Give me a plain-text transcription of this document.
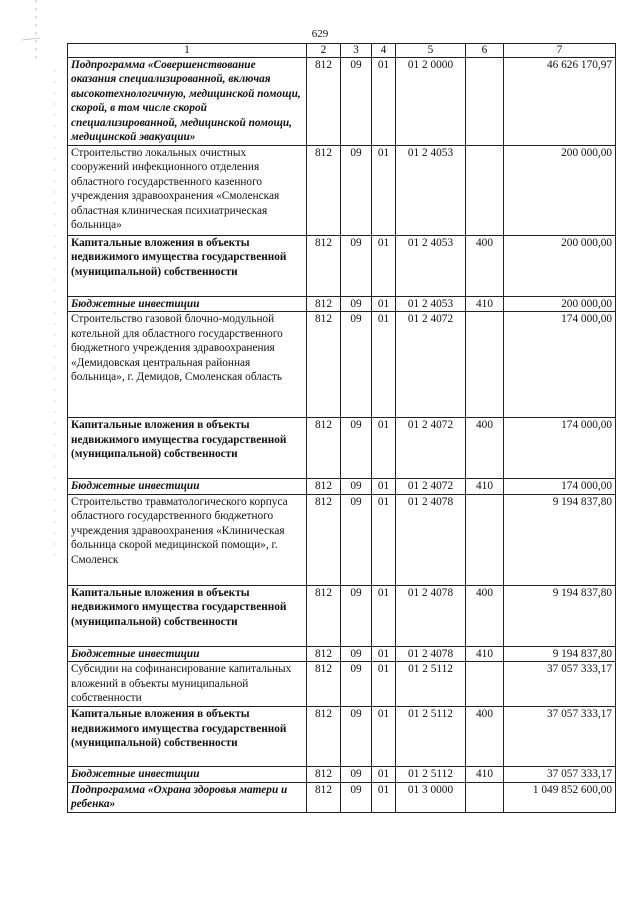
629
1	2	3	4	5	6	7
Подпрограмма «Совершенствование оказания специализированной, включая высокотехнологичную, медицинской помощи, скорой, в том числе скорой специализированной, медицинской помощи, медицинской эвакуации»	812	09	01	01 2 0000		46 626 170,97
Строительство локальных очистных сооружений инфекционного отделения областного государственного казенного учреждения здравоохранения «Смоленская областная клиническая психиатрическая больница»	812	09	01	01 2 4053		200 000,00
Капитальные вложения в объекты недвижимого имущества государственной (муниципальной) собственности	812	09	01	01 2 4053	400	200 000,00
Бюджетные инвестиции	812	09	01	01 2 4053	410	200 000,00
Строительство газовой блочно-модульной котельной для областного государственного бюджетного учреждения здравоохранения «Демидовская центральная районная больница», г. Демидов, Смоленская область	812	09	01	01 2 4072		174 000,00
Капитальные вложения в объекты недвижимого имущества государственной (муниципальной) собственности	812	09	01	01 2 4072	400	174 000,00
Бюджетные инвестиции	812	09	01	01 2 4072	410	174 000,00
Строительство травматологического корпуса областного государственного бюджетного учреждения здравоохранения «Клиническая больница скорой медицинской помощи», г. Смоленск	812	09	01	01 2 4078		9 194 837,80
Капитальные вложения в объекты недвижимого имущества государственной (муниципальной) собственности	812	09	01	01 2 4078	400	9 194 837,80
Бюджетные инвестиции	812	09	01	01 2 4078	410	9 194 837,80
Субсидии на софинансирование капитальных вложений в объекты муниципальной собственности	812	09	01	01 2 5112		37 057 333,17
Капитальные вложения в объекты недвижимого имущества государственной (муниципальной) собственности	812	09	01	01 2 5112	400	37 057 333,17
Бюджетные инвестиции	812	09	01	01 2 5112	410	37 057 333,17
Подпрограмма «Охрана здоровья матери и ребенка»	812	09	01	01 3 0000		1 049 852 600,00
